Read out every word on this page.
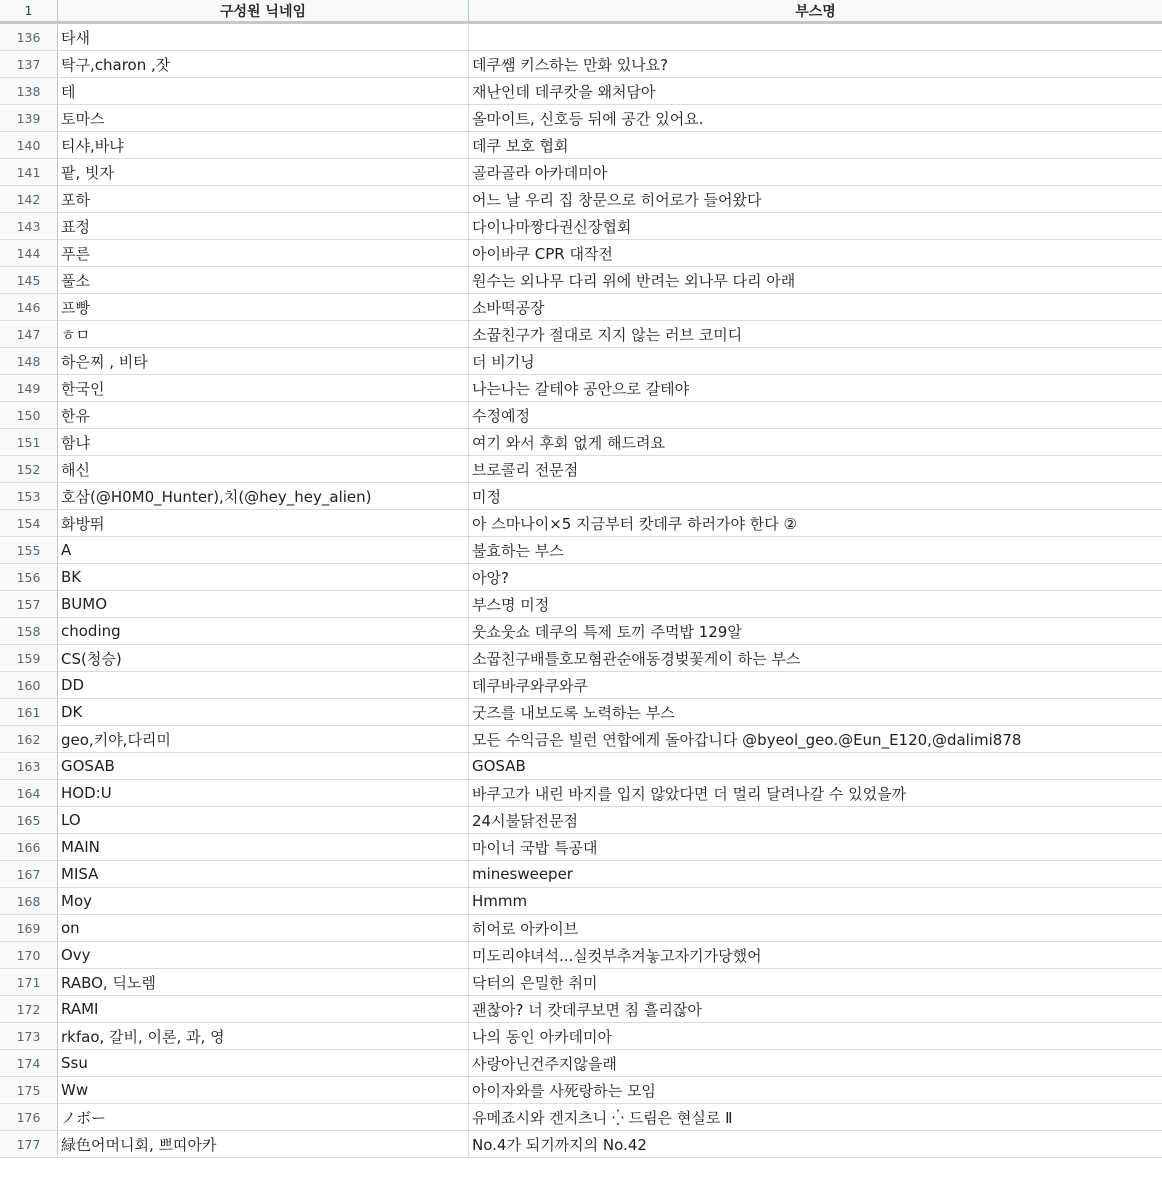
1	구성원 닉네임	부스명
136	타새
137	탁구,charon ,잣	데쿠쌤 키스하는 만화 있나요?
138	테	재난인데 데쿠캇을 왜처담아
139	토마스	올마이트, 신호등 뒤에 공간 있어요.
140	티샤,바냐	데쿠 보호 협회
141	팥, 빗자	골라골라 아카데미아
142	포하	어느 날 우리 집 창문으로 히어로가 들어왔다
143	표정	다이나마짱다권신장협회
144	푸른	아이바쿠 CPR 대작전
145	풀소	원수는 외나무 다리 위에 반려는 외나무 다리 아래
146	프빵	소바떡공장
147	ㅎㅁ	소꿉친구가 절대로 지지 않는 러브 코미디
148	하은찌 , 비타	더 비기닝
149	한국인	나는나는 갈테야 공안으로 갈테야
150	한유	수정예정
151	함냐	여기 와서 후회 없게 해드려요
152	해신	브로콜리 전문점
153	호삼(@H0M0_Hunter),치(@hey_hey_alien)	미정
154	화방뛰	아 스마나이×5 지금부터 캇데쿠 하러가야 한다 ②
155	A	불효하는 부스
156	BK	아앙?
157	BUMO	부스명 미정
158	choding	웃쇼웃쇼 데쿠의 특제 토끼 주먹밥 129알
159	CS(청승)	소꿉친구배틀호모혐관순애동경벚꽃게이 하는 부스
160	DD	데쿠바쿠와쿠와쿠
161	DK	굿즈를 내보도록 노력하는 부스
162	geo,키야,다리미	모든 수익금은 빌런 연합에게 돌아갑니다 @byeol_geo.@Eun_E120,@dalimi878
163	GOSAB	GOSAB
164	HOD:U	바쿠고가 내린 바지를 입지 않았다면 더 멀리 달려나갈 수 있었을까
165	LO	24시불닭전문점
166	MAIN	마이너 국밥 특공대
167	MISA	minesweeper
168	Moy	Hmmm
169	on	히어로 아카이브
170	Ovy	미도리야녀석...실컷부추겨놓고자기가당했어
171	RABO, 딕노렘	닥터의 은밀한 취미
172	RAMI	괜찮아? 너 캇데쿠보면 침 흘리잖아
173	rkfao, 갈비, 이론, 과, 영	나의 동인 아카데미아
174	Ssu	사랑아닌건주지않을래
175	Ww	아이자와를 사死랑하는 모임
176	ノボー	유메죠시와 겐지츠니 ⁛ 드림은 현실로 Ⅱ
177	緑色어머니회, 쁘띠아카	No.4가 되기까지의 No.42
